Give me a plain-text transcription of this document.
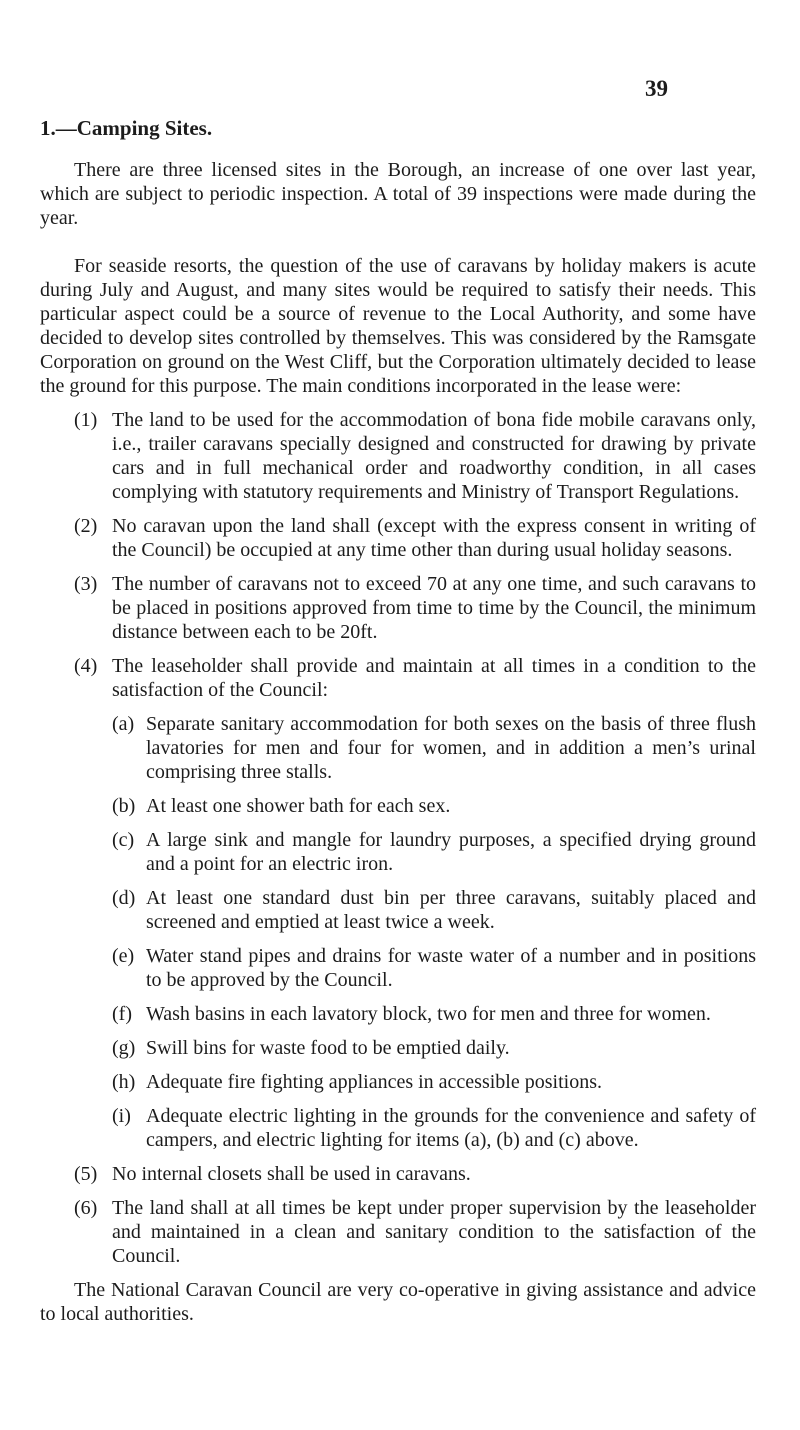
39
1.—Camping Sites.

There are three licensed sites in the Borough, an increase of one over last year, which are subject to periodic inspection. A total of 39 inspections were made during the year.

For seaside resorts, the question of the use of caravans by holiday makers is acute during July and August, and many sites would be required to satisfy their needs. This particular aspect could be a source of revenue to the Local Authority, and some have decided to develop sites controlled by themselves. This was considered by the Ramsgate Corporation on ground on the West Cliff, but the Corporation ultimately decided to lease the ground for this purpose. The main conditions incorporated in the lease were:

(1) The land to be used for the accommodation of bona fide mobile caravans only, i.e., trailer caravans specially designed and constructed for drawing by private cars and in full mechanical order and roadworthy condition, in all cases complying with statutory requirements and Ministry of Transport Regulations.

(2) No caravan upon the land shall (except with the express consent in writing of the Council) be occupied at any time other than during usual holiday seasons.

(3) The number of caravans not to exceed 70 at any one time, and such caravans to be placed in positions approved from time to time by the Council, the minimum distance between each to be 20ft.

(4) The leaseholder shall provide and maintain at all times in a condition to the satisfaction of the Council:

(a) Separate sanitary accommodation for both sexes on the basis of three flush lavatories for men and four for women, and in addition a men’s urinal comprising three stalls.

(b) At least one shower bath for each sex.

(c) A large sink and mangle for laundry purposes, a specified drying ground and a point for an electric iron.

(d) At least one standard dust bin per three caravans, suitably placed and screened and emptied at least twice a week.

(e) Water stand pipes and drains for waste water of a number and in positions to be approved by the Council.

(f) Wash basins in each lavatory block, two for men and three for women.

(g) Swill bins for waste food to be emptied daily.

(h) Adequate fire fighting appliances in accessible positions.

(i) Adequate electric lighting in the grounds for the convenience and safety of campers, and electric lighting for items (a), (b) and (c) above.

(5) No internal closets shall be used in caravans.

(6) The land shall at all times be kept under proper supervision by the leaseholder and maintained in a clean and sanitary condition to the satisfaction of the Council.

The National Caravan Council are very co-operative in giving assistance and advice to local authorities.
